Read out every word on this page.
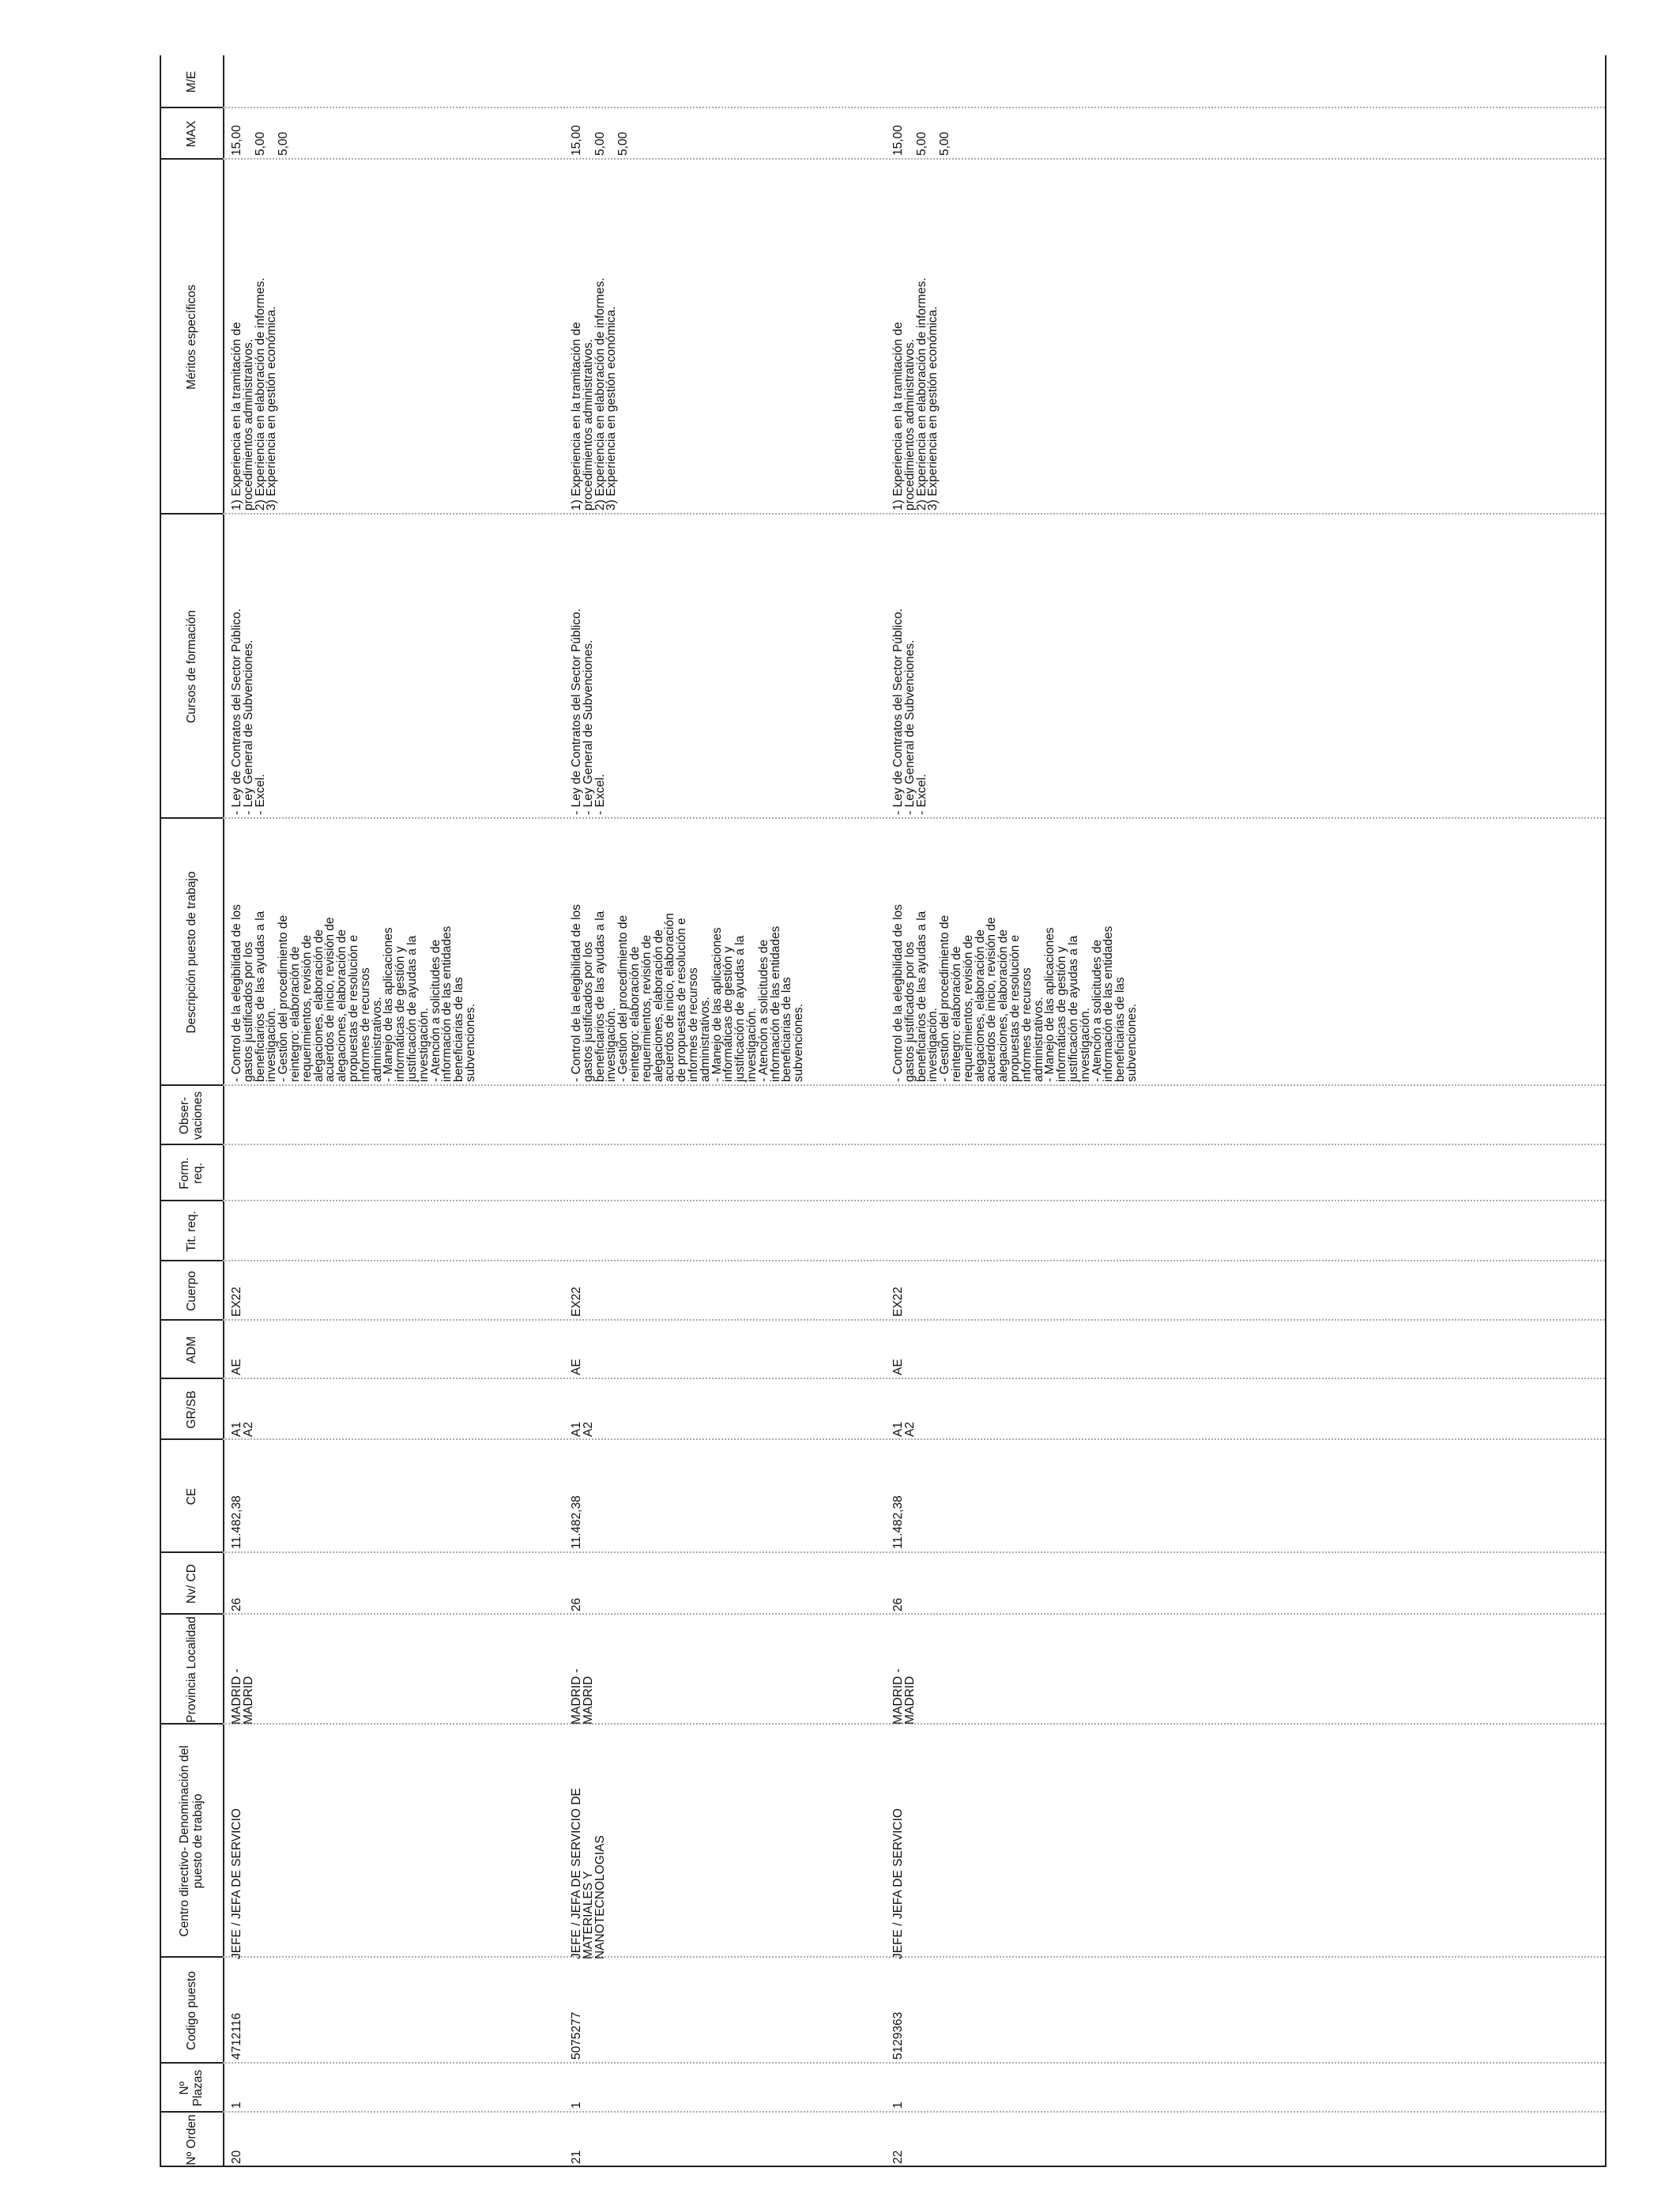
Nº Orden
Nº Plazas
Codigo puesto
Centro directivo- Denominación del puesto de trabajo
Provincia Localidad
Nv/ CD
CE
GR/SB
ADM
Cuerpo
Tit. req.
Form. req.
Obser- vaciones
Descripción puesto de trabajo
Cursos de formación
Méritos específicos
MAX
M/E
20
1
4712116
JEFE / JEFA DE SERVICIO
MADRID -
MADRID
26
11.482,38
A1
A2
AE
EX22
- Control de la elegibilidad de los
gastos justificados por los
beneficiarios de las ayudas a la
investigación.
- Gestión del procedimiento de
reintegro: elaboración de
requerimientos, revisión de
alegaciones, elaboración de
acuerdos de inicio, revisión de
alegaciones, elaboración de
propuestas de resolución e
informes de recursos
administrativos.
- Manejo de las aplicaciones
informáticas de gestión y
justificación de ayudas a la
investigación.
- Atención a solicitudes de
información de las entidades
beneficiarias de las
subvenciones.
- Ley de Contratos del Sector Público.
- Ley General de Subvenciones.
- Excel.
1) Experiencia en la tramitación de
procedimientos administrativos.
2) Experiencia en elaboración de informes.
3) Experiencia en gestión económica.
15,00

5,00

5,00
21
1
5075277
JEFE / JEFA DE SERVICIO DE
MATERIALES Y
NANOTECNOLOGIAS
MADRID -
MADRID
26
11.482,38
A1
A2
AE
EX22
- Control de la elegibilidad de los
gastos justificados por los
beneficiarios de las ayudas a la
investigación.
- Gestión del procedimiento de
reintegro: elaboración de
requerimientos, revisión de
alegaciones, elaboración de
acuerdos de inicio, elaboración
de propuestas de resolución e
informes de recursos
administrativos.
- Manejo de las aplicaciones
informáticas de gestión y
justificación de ayudas a la
investigación.
- Atención a solicitudes de
información de las entidades
beneficiarias de las
subvenciones.
- Ley de Contratos del Sector Público.
- Ley General de Subvenciones.
- Excel.
1) Experiencia en la tramitación de
procedimientos administrativos.
2) Experiencia en elaboración de informes.
3) Experiencia en gestión económica.
15,00

5,00

5,00
22
1
5129363
JEFE / JEFA DE SERVICIO
MADRID -
MADRID
26
11.482,38
A1
A2
AE
EX22
- Control de la elegibilidad de los
gastos justificados por los
beneficiarios de las ayudas a la
investigación.
- Gestión del procedimiento de
reintegro: elaboración de
requerimientos, revisión de
alegaciones, elaboración de
acuerdos de inicio, revisión de
alegaciones, elaboración de
propuestas de resolución e
informes de recursos
administrativos.
- Manejo de las aplicaciones
informáticas de gestión y
justificación de ayudas a la
investigación.
- Atención a solicitudes de
información de las entidades
beneficiarias de las
subvenciones.
- Ley de Contratos del Sector Público.
- Ley General de Subvenciones.
- Excel.
1) Experiencia en la tramitación de
procedimientos administrativos.
2) Experiencia en elaboración de informes.
3) Experiencia en gestión económica.
15,00

5,00

5,00
